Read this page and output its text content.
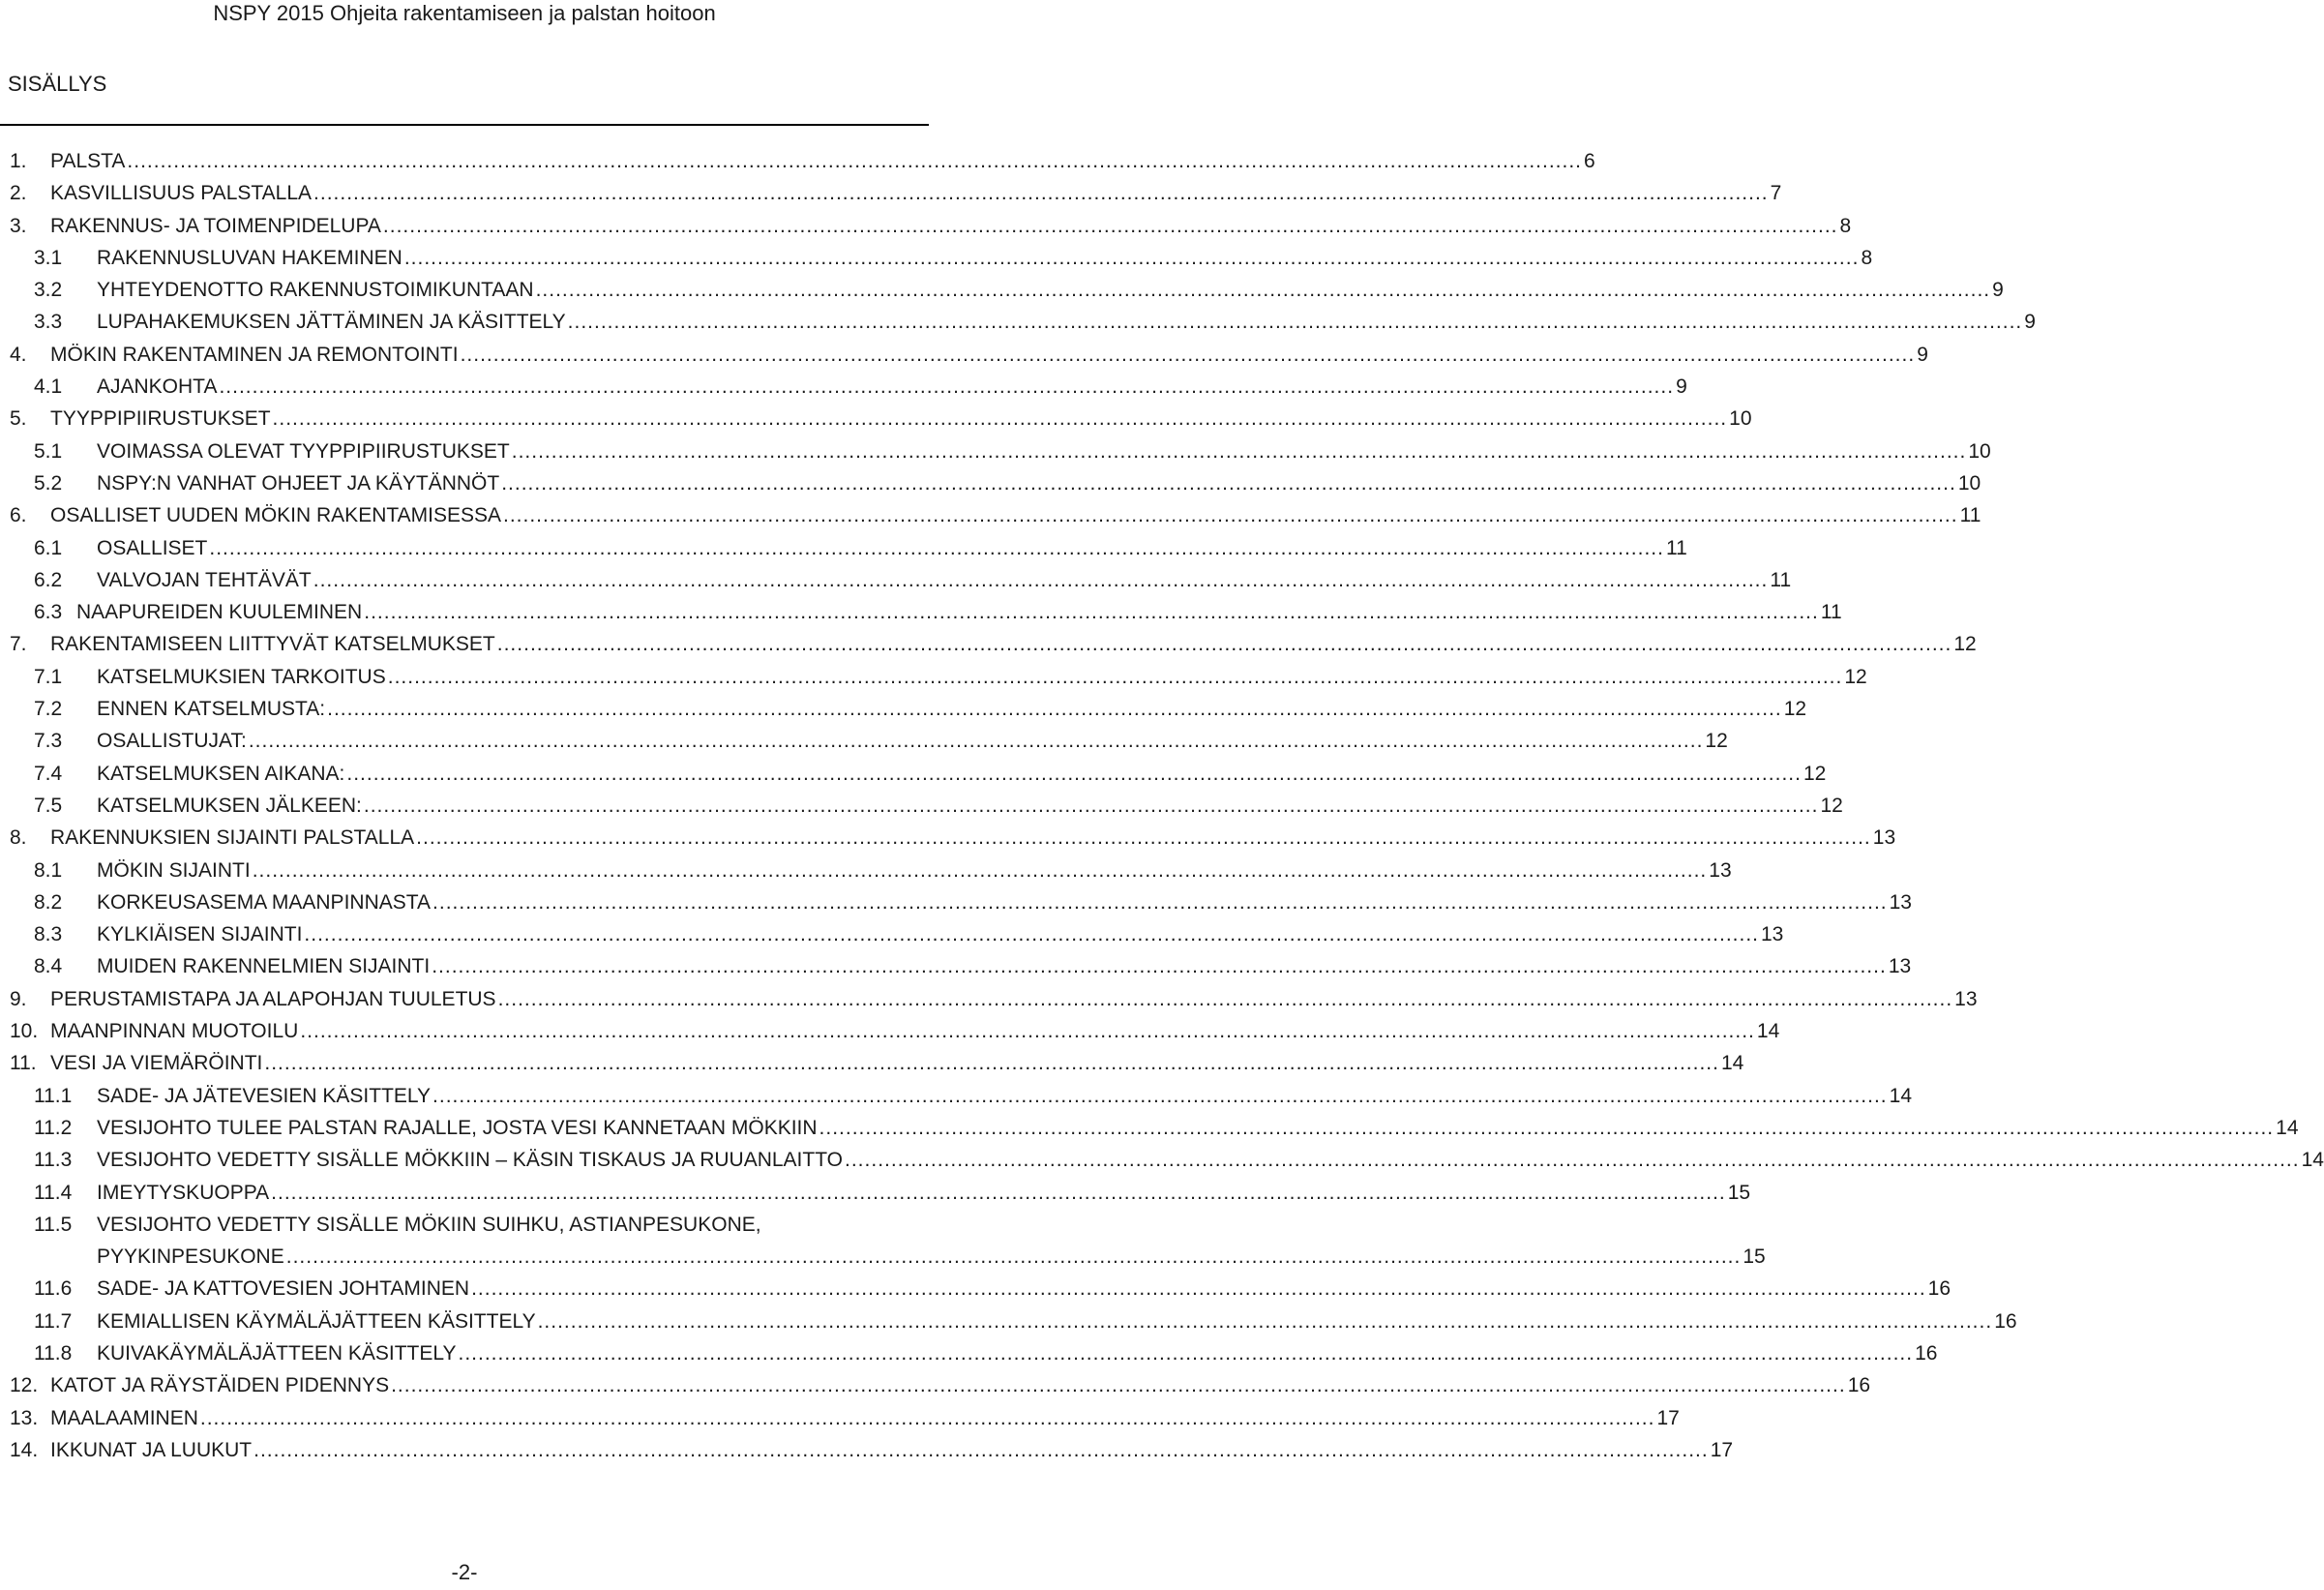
NSPY 2015 Ohjeita rakentamiseen ja palstan hoitoon
SISÄLLYS
1. PALSTA ............................................................................................................................................................................................................................ 6
2. KASVILLISUUS PALSTALLA ............................................................................................................................................................................................................................ 7
3. RAKENNUS- JA TOIMENPIDELUPA ............................................................................................................................................................................................................................ 8
3.1 RAKENNUSLUVAN HAKEMINEN ............................................................................................................................................................................................................................ 8
3.2 YHTEYDENOTTO RAKENNUSTOIMIKUNTAAN ............................................................................................................................................................................................................................ 9
3.3 LUPAHAKEMUKSEN JÄTTÄMINEN JA KÄSITTELY ............................................................................................................................................................................................................................ 9
4. MÖKIN RAKENTAMINEN JA REMONTOINTI ............................................................................................................................................................................................................................ 9
4.1 AJANKOHTA ............................................................................................................................................................................................................................ 9
5. TYYPPIPIIRUSTUKSET ............................................................................................................................................................................................................................ 10
5.1 VOIMASSA OLEVAT TYYPPIPIIRUSTUKSET ............................................................................................................................................................................................................................ 10
5.2 NSPY:N VANHAT OHJEET JA KÄYTÄNNÖT ............................................................................................................................................................................................................................ 10
6. OSALLISET UUDEN MÖKIN RAKENTAMISESSA ............................................................................................................................................................................................................................ 11
6.1 OSALLISET ............................................................................................................................................................................................................................ 11
6.2 VALVOJAN TEHTÄVÄT ............................................................................................................................................................................................................................ 11
6.3 NAAPUREIDEN KUULEMINEN ............................................................................................................................................................................................................................ 11
7. RAKENTAMISEEN LIITTYVÄT KATSELMUKSET ............................................................................................................................................................................................................................ 12
7.1 KATSELMUKSIEN TARKOITUS ............................................................................................................................................................................................................................ 12
7.2 ENNEN KATSELMUSTA: ............................................................................................................................................................................................................................ 12
7.3 OSALLISTUJAT: ............................................................................................................................................................................................................................ 12
7.4 KATSELMUKSEN AIKANA: ............................................................................................................................................................................................................................ 12
7.5 KATSELMUKSEN JÄLKEEN: ............................................................................................................................................................................................................................ 12
8. RAKENNUKSIEN SIJAINTI PALSTALLA ............................................................................................................................................................................................................................ 13
8.1 MÖKIN SIJAINTI ............................................................................................................................................................................................................................ 13
8.2 KORKEUSASEMA MAANPINNASTA ............................................................................................................................................................................................................................ 13
8.3 KYLKIÄISEN SIJAINTI ............................................................................................................................................................................................................................ 13
8.4 MUIDEN RAKENNELMIEN SIJAINTI ............................................................................................................................................................................................................................ 13
9. PERUSTAMISTAPA JA ALAPOHJAN TUULETUS ............................................................................................................................................................................................................................ 13
10. MAANPINNAN MUOTOILU ............................................................................................................................................................................................................................ 14
11. VESI JA VIEMÄRÖINTI ............................................................................................................................................................................................................................ 14
11.1 SADE- JA JÄTEVESIEN KÄSITTELY ............................................................................................................................................................................................................................ 14
11.2 VESIJOHTO TULEE PALSTAN RAJALLE, JOSTA VESI KANNETAAN MÖKKIIN ............................................................................................................................................................................................................................ 14
11.3 VESIJOHTO VEDETTY SISÄLLE MÖKKIIN – KÄSIN TISKAUS JA RUUANLAITTO ............................................................................................................................................................................................................................ 14
11.4 IMEYTYSKUOPPA ............................................................................................................................................................................................................................ 15
11.5 VESIJOHTO VEDETTY SISÄLLE MÖKIIN SUIHKU, ASTIANPESUKONE,
PYYKINPESUKONE ............................................................................................................................................................................................................................ 15
11.6 SADE- JA KATTOVESIEN JOHTAMINEN ............................................................................................................................................................................................................................ 16
11.7 KEMIALLISEN KÄYMÄLÄJÄTTEEN KÄSITTELY ............................................................................................................................................................................................................................ 16
11.8 KUIVAKÄYMÄLÄJÄTTEEN KÄSITTELY ............................................................................................................................................................................................................................ 16
12. KATOT JA RÄYSTÄIDEN PIDENNYS ............................................................................................................................................................................................................................ 16
13. MAALAAMINEN ............................................................................................................................................................................................................................ 17
14. IKKUNAT JA LUUKUT ............................................................................................................................................................................................................................ 17
-2-
